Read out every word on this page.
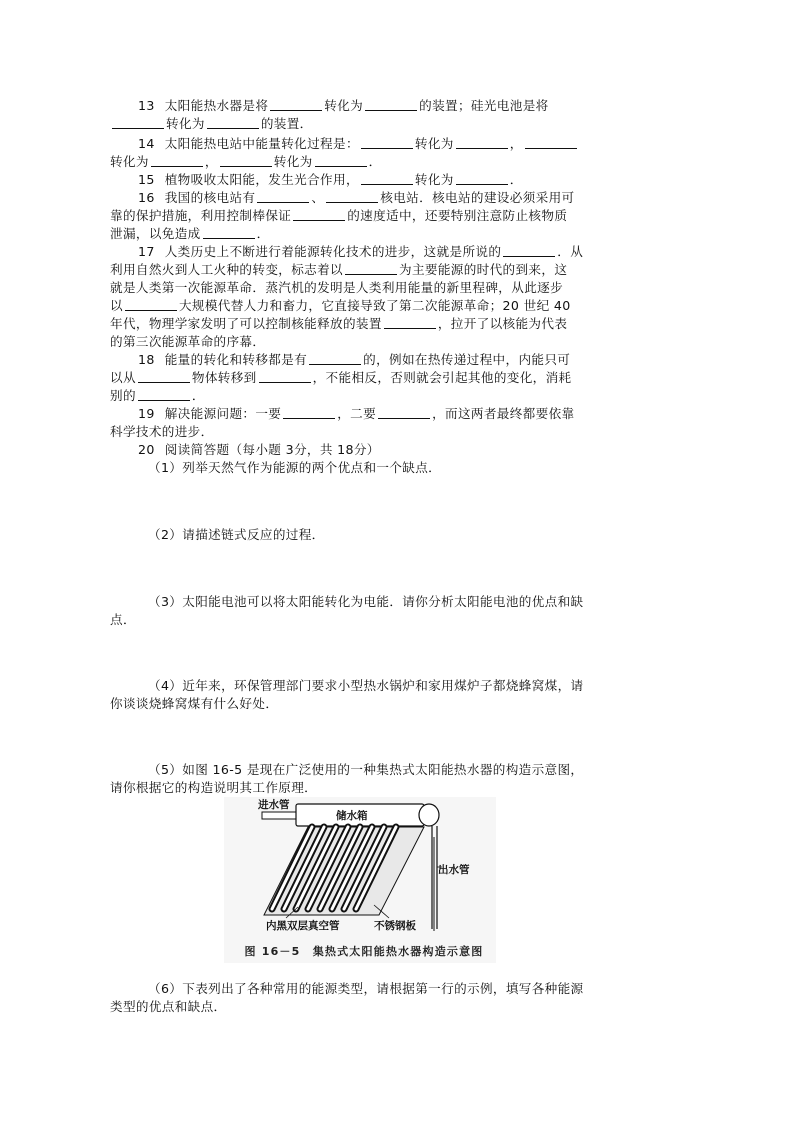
13 太阳能热水器是将	转化为	的装置；硅光电池是将
转化为	的装置．
14 太阳能热电站中能量转化过程是：	转化为	，
转化为	，	转化为	．
15 植物吸收太阳能，发生光合作用，	转化为	．
16 我国的核电站有	、	核电站．核电站的建设必须采用可
靠的保护措施，利用控制棒保证	的速度适中，还要特别注意防止核物质
泄漏，以免造成	．
17 人类历史上不断进行着能源转化技术的进步，这就是所说的	．从
利用自然火到人工火种的转变，标志着以	为主要能源的时代的到来，这
就是人类第一次能源革命．蒸汽机的发明是人类利用能量的新里程碑，从此逐步
以	大规模代替人力和畜力，它直接导致了第二次能源革命；20 世纪 40
年代，物理学家发明了可以控制核能释放的装置	，拉开了以核能为代表
的第三次能源革命的序幕．
18 能量的转化和转移都是有	的，例如在热传递过程中，内能只可
以从	物体转移到	，不能相反，否则就会引起其他的变化，消耗
别的	．
19 解决能源问题：一要	，二要	，而这两者最终都要依靠
科学技术的进步．
20 阅读简答题（每小题 3分，共 18分）
（1）列举天然气作为能源的两个优点和一个缺点．
（2）请描述链式反应的过程．
（3）太阳能电池可以将太阳能转化为电能．请你分析太阳能电池的优点和缺
点．
（4）近年来，环保管理部门要求小型热水锅炉和家用煤炉子都烧蜂窝煤，请
你谈谈烧蜂窝煤有什么好处．
（5）如图 16-5 是现在广泛使用的一种集热式太阳能热水器的构造示意图，
请你根据它的构造说明其工作原理．
进水管
储水箱
出水管
内黑双层真空管	不锈钢板
图 16－5　集热式太阳能热水器构造示意图
（6）下表列出了各种常用的能源类型，请根据第一行的示例，填写各种能源
类型的优点和缺点．
